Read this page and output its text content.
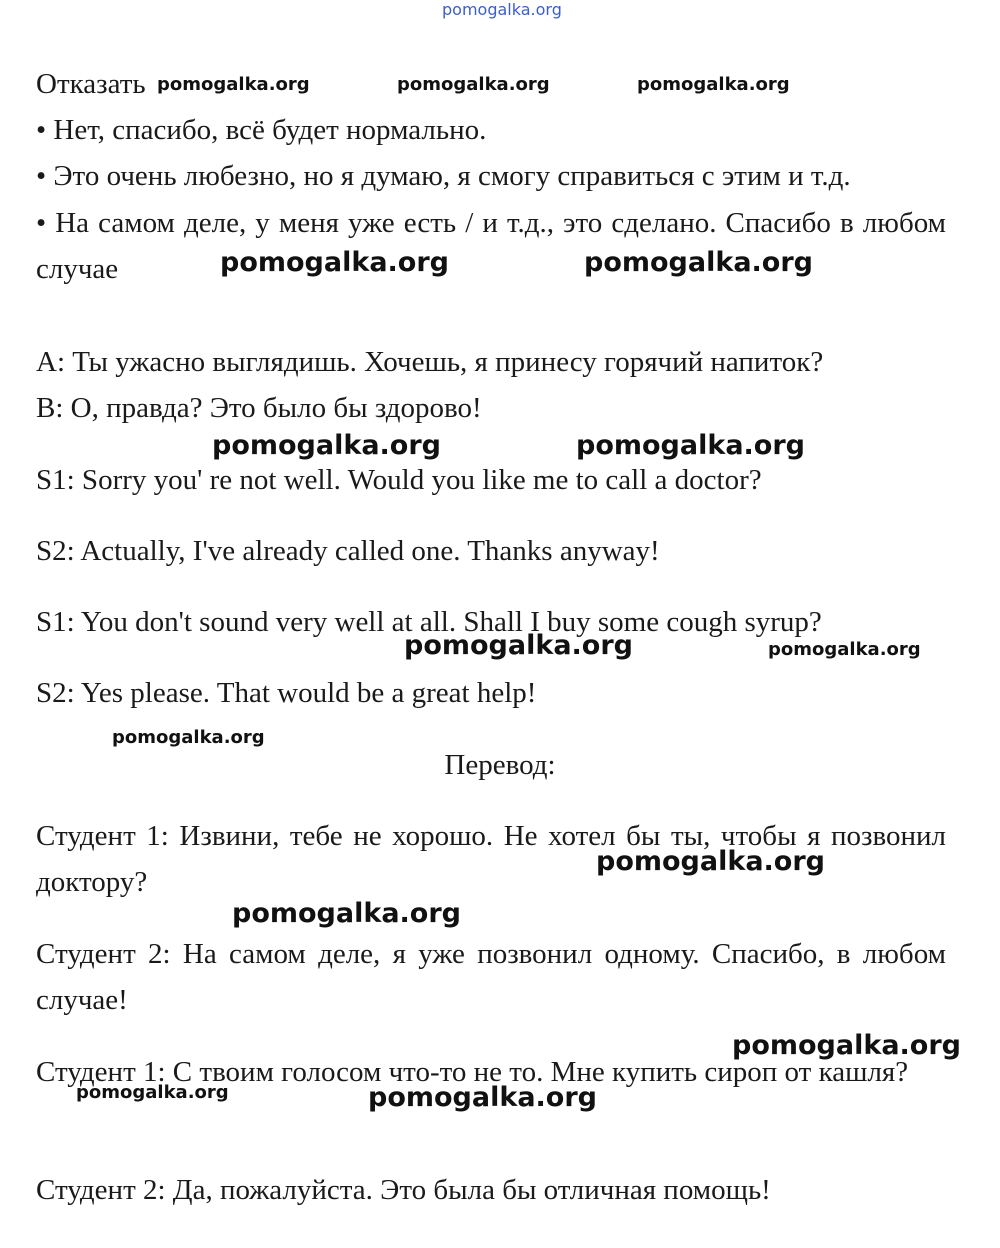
pomogalka.org

Отказать

• Нет, спасибо, всё будет нормально.

• Это очень любезно, но я думаю, я смогу справиться с этим и т.д.

• На самом деле, у меня уже есть / и т.д., это сделано. Спасибо в любом случае

А: Ты ужасно выглядишь. Хочешь, я принесу горячий напиток?

В: О, правда? Это было бы здорово!

S1: Sorry you' re not well. Would you like me to call a doctor?

S2: Actually, I've already called one. Thanks anyway!

S1: You don't sound very well at all. Shall I buy some cough syrup?

S2: Yes please. That would be a great help!

Перевод:

Студент 1: Извини, тебе не хорошо. Не хотел бы ты, чтобы я позвонил доктору?

Студент 2: На самом деле, я уже позвонил одному. Спасибо, в любом случае!

Студент 1: С твоим голосом что-то не то. Мне купить сироп от кашля?

Студент 2: Да, пожалуйста. Это была бы отличная помощь!

pomogalka.org	pomogalka.org	pomogalka.org
pomogalka.org	pomogalka.org
pomogalka.org	pomogalka.org
pomogalka.org	pomogalka.org
pomogalka.org
pomogalka.org
pomogalka.org
pomogalka.org
pomogalka.org	pomogalka.org
